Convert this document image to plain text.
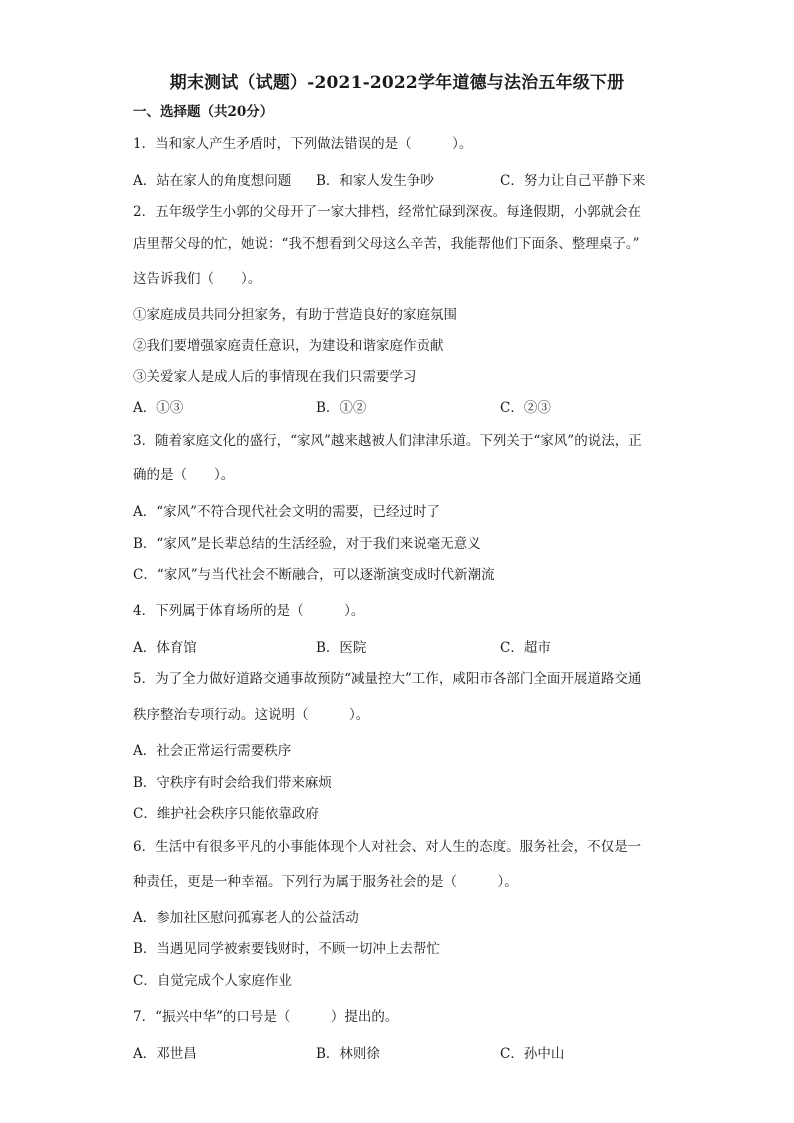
期末测试（试题）-2021-2022学年道德与法治五年级下册
一、选择题（共20分）
1．当和家人产生矛盾时，下列做法错误的是（　　　）。
A．站在家人的角度想问题 B．和家人发生争吵	C．努力让自己平静下来
2．五年级学生小郭的父母开了一家大排档，经常忙碌到深夜。每逢假期，小郭就会在
店里帮父母的忙，她说：“我不想看到父母这么辛苦，我能帮他们下面条、整理桌子。”
这告诉我们（　　）。
①家庭成员共同分担家务，有助于营造良好的家庭氛围
②我们要增强家庭责任意识，为建设和谐家庭作贡献
③关爱家人是成人后的事情现在我们只需要学习
A．①③	B．①②	C．②③
3．随着家庭文化的盛行，“家风”越来越被人们津津乐道。下列关于“家风”的说法，正
确的是（　　）。
A．“家风”不符合现代社会文明的需要，已经过时了
B．“家风”是长辈总结的生活经验，对于我们来说毫无意义
C．“家风”与当代社会不断融合，可以逐渐演变成时代新潮流
4．下列属于体育场所的是（　　　）。
A．体育馆	B．医院	C．超市
5．为了全力做好道路交通事故预防“减量控大”工作，咸阳市各部门全面开展道路交通
秩序整治专项行动。这说明（　　　）。
A．社会正常运行需要秩序
B．守秩序有时会给我们带来麻烦
C．维护社会秩序只能依靠政府
6．生活中有很多平凡的小事能体现个人对社会、对人生的态度。服务社会，不仅是一
种责任，更是一种幸福。下列行为属于服务社会的是（　　　）。
A．参加社区慰问孤寡老人的公益活动
B．当遇见同学被索要钱财时，不顾一切冲上去帮忙
C．自觉完成个人家庭作业
7．“振兴中华”的口号是（　　　）提出的。
A．邓世昌	B．林则徐	C．孙中山
